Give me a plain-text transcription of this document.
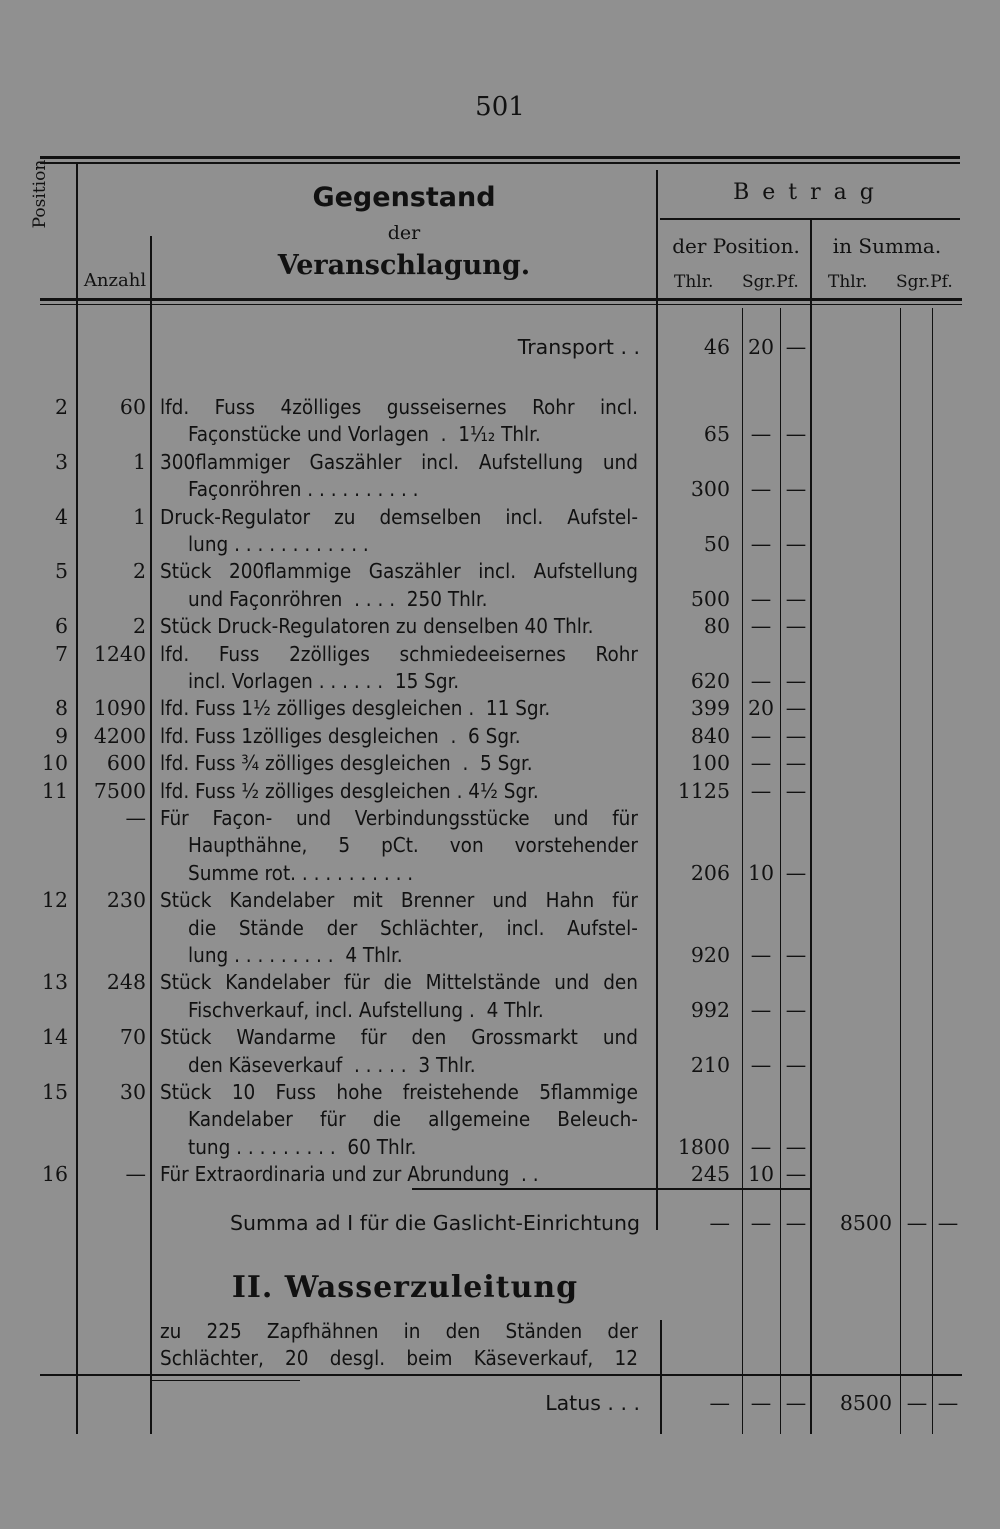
501
Position
Anzahl
Gegenstand
der
Veranschlagung.
Betrag
der Position.	in Summa.
Thlr. Sgr.Pf. Thlr. Sgr.Pf.
Transport . .	46 20 —
2	60 lfd. Fuss 4zölliges gusseisernes Rohr incl.
Façonstücke und Vorlagen  .  1¹⁄₁₂ Thlr.	65	— —
3	1 300flammiger Gaszähler incl. Aufstellung und
Façonröhren . . . . . . . . . .	300	— —
4	1 Druck-Regulator zu demselben incl. Aufstel-
lung . . . . . . . . . . . .	50	— —
5	2 Stück 200flammige Gaszähler incl. Aufstellung
und Façonröhren  . . . .  250 Thlr.	500	— —
6	2 Stück Druck-Regulatoren zu denselben 40 Thlr.	80	— —
7	1240 lfd. Fuss 2zölliges schmiedeeisernes Rohr
incl. Vorlagen . . . . . .  15 Sgr.	620	— —
8	1090 lfd. Fuss 1½ zölliges desgleichen .  11 Sgr.	399 20 —
9	4200 lfd. Fuss 1zölliges desgleichen  .  6 Sgr.	840	— —
10	600 lfd. Fuss ¾ zölliges desgleichen  .  5 Sgr.	100	— —
11	7500 lfd. Fuss ½ zölliges desgleichen . 4½ Sgr.	1125	— —
— Für Façon- und Verbindungsstücke und für
Haupthähne, 5 pCt. von vorstehender
Summe rot. . . . . . . . . . .	206 10 —
12	230 Stück Kandelaber mit Brenner und Hahn für
die Stände der Schlächter, incl. Aufstel-
lung . . . . . . . . .  4 Thlr.	920	— —
13	248 Stück Kandelaber für die Mittelstände und den
Fischverkauf, incl. Aufstellung .  4 Thlr.	992	— —
14	70 Stück Wandarme für den Grossmarkt und
den Käseverkauf  . . . . .  3 Thlr.	210	— —
15	30 Stück 10 Fuss hohe freistehende 5flammige
Kandelaber für die allgemeine Beleuch-
tung . . . . . . . . .  60 Thlr.	1800	— —
16	— Für Extraordinaria und zur Abrundung  . .	245 10 —
Summa ad I für die Gaslicht-Einrichtung	—	— —	8500 — —
II. Wasserzuleitung
zu 225 Zapfhähnen in den Ständen der
Schlächter, 20 desgl. beim Käseverkauf, 12
Latus . . .	—	— —	8500 — —
